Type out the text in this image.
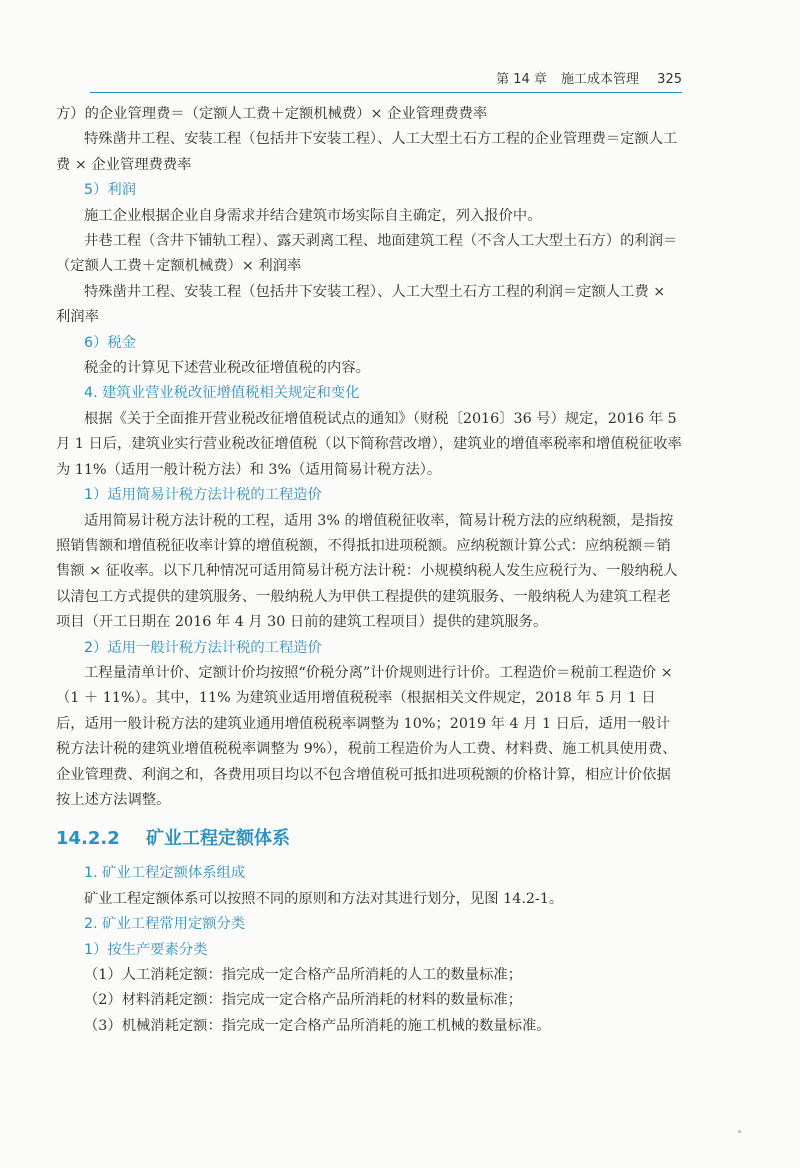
第 14 章 施工成本管理 325

方）的企业管理费＝（定额人工费＋定额机械费）× 企业管理费费率

特殊凿井工程、安装工程（包括井下安装工程）、人工大型土石方工程的企业管理费＝定额人工费 × 企业管理费费率

5）利润

施工企业根据企业自身需求并结合建筑市场实际自主确定，列入报价中。

井巷工程（含井下铺轨工程）、露天剥离工程、地面建筑工程（不含人工大型土石方）的利润＝（定额人工费＋定额机械费）× 利润率

特殊凿井工程、安装工程（包括井下安装工程）、人工大型土石方工程的利润＝定额人工费 × 利润率

6）税金

税金的计算见下述营业税改征增值税的内容。

4. 建筑业营业税改征增值税相关规定和变化

根据《关于全面推开营业税改征增值税试点的通知》（财税〔2016〕36 号）规定，2016 年 5 月 1 日后，建筑业实行营业税改征增值税（以下简称营改增），建筑业的增值率税率和增值税征收率为 11%（适用一般计税方法）和 3%（适用简易计税方法）。

1）适用简易计税方法计税的工程造价

适用简易计税方法计税的工程，适用 3% 的增值税征收率，简易计税方法的应纳税额，是指按照销售额和增值税征收率计算的增值税额，不得抵扣进项税额。应纳税额计算公式：应纳税额＝销售额 × 征收率。以下几种情况可适用简易计税方法计税：小规模纳税人发生应税行为、一般纳税人以清包工方式提供的建筑服务、一般纳税人为甲供工程提供的建筑服务、一般纳税人为建筑工程老项目（开工日期在 2016 年 4 月 30 日前的建筑工程项目）提供的建筑服务。

2）适用一般计税方法计税的工程造价

工程量清单计价、定额计价均按照“价税分离”计价规则进行计价。工程造价＝税前工程造价 ×（1 ＋ 11%）。其中，11% 为建筑业适用增值税税率（根据相关文件规定，2018 年 5 月 1 日后，适用一般计税方法的建筑业通用增值税税率调整为 10%；2019 年 4 月 1 日后，适用一般计税方法计税的建筑业增值税税率调整为 9%），税前工程造价为人工费、材料费、施工机具使用费、企业管理费、利润之和，各费用项目均以不包含增值税可抵扣进项税额的价格计算，相应计价依据按上述方法调整。

14.2.2 矿业工程定额体系
1. 矿业工程定额体系组成

矿业工程定额体系可以按照不同的原则和方法对其进行划分，见图 14.2-1。

2. 矿业工程常用定额分类
1）按生产要素分类

（1）人工消耗定额：指完成一定合格产品所消耗的人工的数量标准；

（2）材料消耗定额：指完成一定合格产品所消耗的材料的数量标准；

（3）机械消耗定额：指完成一定合格产品所消耗的施工机械的数量标准。
